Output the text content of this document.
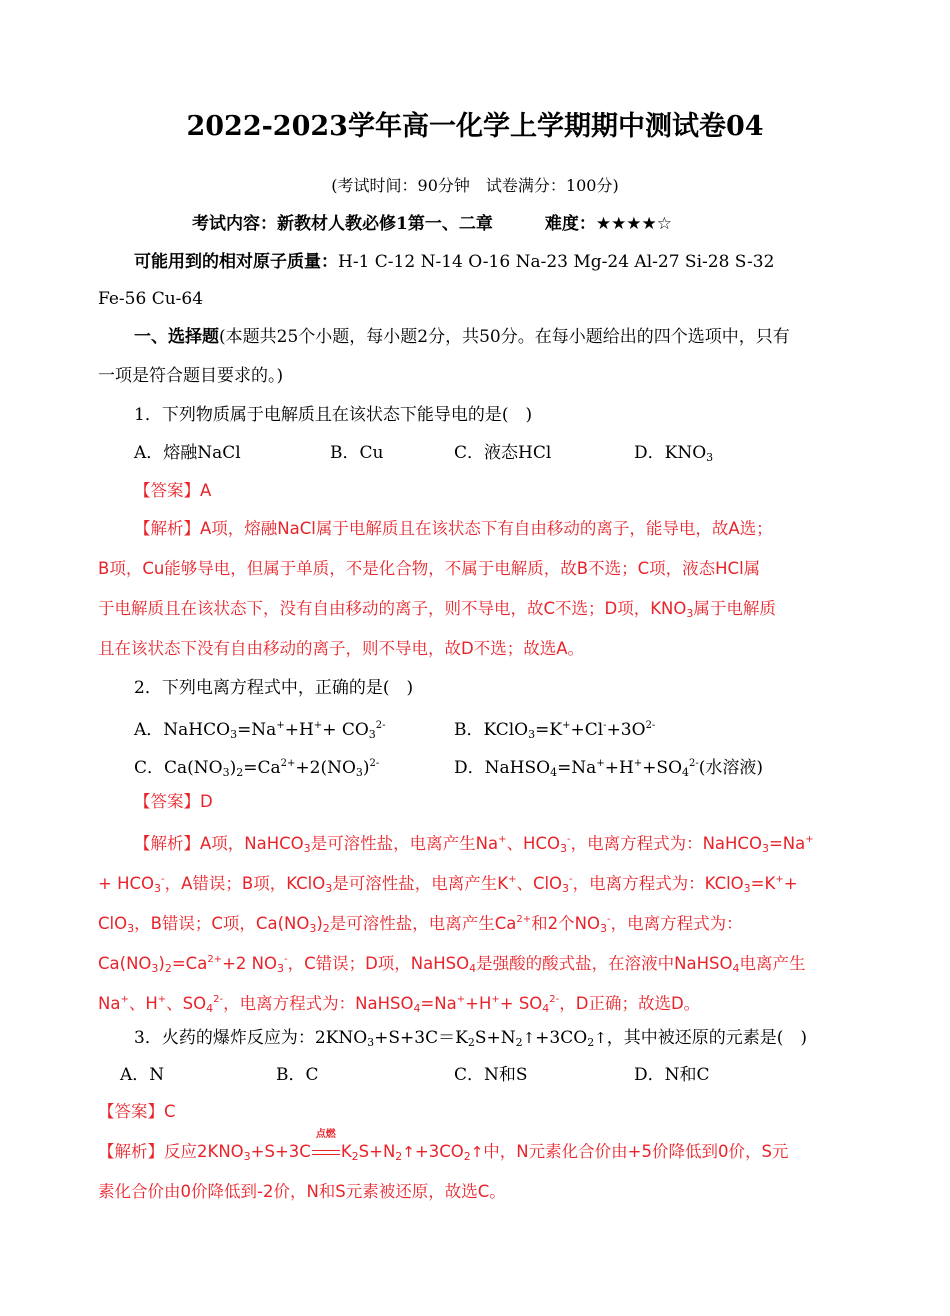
2022-2023学年高一化学上学期期中测试卷04
(考试时间：90分钟　试卷满分：100分)
考试内容：新教材人教必修1第一、二章	难度：★★★★☆
可能用到的相对原子质量：H-1 C-12 N-14 O-16 Na-23 Mg-24 Al-27 Si-28 S-32
Fe-56 Cu-64
一、选择题(本题共25个小题，每小题2分，共50分。在每小题给出的四个选项中，只有
一项是符合题目要求的。)
1．下列物质属于电解质且在该状态下能导电的是(　)
A．熔融NaCl	B．Cu	C．液态HCl	D．$KNO_3$
【答案】A
【解析】A项，熔融NaCl属于电解质且在该状态下有自由移动的离子，能导电，故A选；
B项，Cu能够导电，但属于单质，不是化合物，不属于电解质，故B不选；C项，液态HCl属
于电解质且在该状态下，没有自由移动的离子，则不导电，故C不选；D项，$KNO_3$属于电解质
且在该状态下没有自由移动的离子，则不导电，故D不选；故选A。
2．下列电离方程式中，正确的是(　)
A．NaHCO$_3$=Na++H++ $CO_3^{2-}$	B．$KClO_3=K^++Cl^-+3O^{2-}$
C．$Ca(NO_3)_2=Ca^{2+}+2(NO_3)^{2-}$	D．$NaHSO_4=Na^++H^++SO_4^{2-}$(水溶液)
【答案】D
【解析】A项，NaHCO$_3$是可溶性盐，电离产生Na+、$HCO_3^-$，电离方程式为：NaHCO$_3$=Na+
+ $HCO_3^-$，A错误；B项，KClO$_3$是可溶性盐，电离产生K+、ClO$_3$-，电离方程式为：KClO$_3$=K++
ClO$_3$，B错误；C项，$Ca(NO_3)_2$是可溶性盐，电离产生$Ca^{2+}$和2个$NO_3^-$，电离方程式为：
$Ca(NO_3)_2=Ca^{2+}+2$ $NO_3^-$，C错误；D项，NaHSO$_4$是强酸的酸式盐，在溶液中NaHSO$_4$电离产生
Na+、H+、$SO_4^{2-}$，电离方程式为：NaHSO$_4$=Na++H++ $SO_4^{2-}$，D正确；故选D。
3．火药的爆炸反应为：$2KNO_3+S+3C=K_2S+N_2↑+3CO_2↑$，其中被还原的元素是(　)
A．N	B．C	C．N和S	D．N和C
【答案】C
【解析】反应$2KNO_3+S+3C$
点燃
$K_2S+N_2↑+3CO_2↑$中，N元素化合价由+5价降低到0价，S元
素化合价由0价降低到-2价，N和S元素被还原，故选C。
